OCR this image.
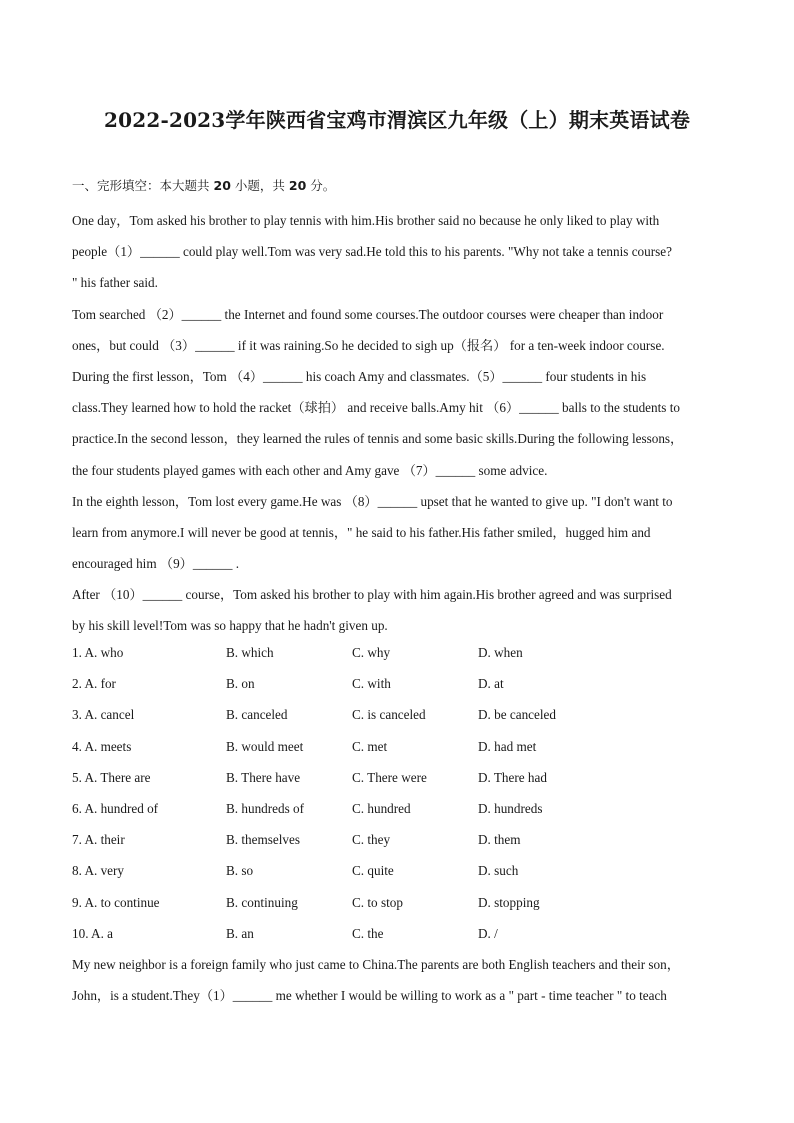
2022-2023学年陕西省宝鸡市渭滨区九年级（上）期末英语试卷
一、完形填空：本大题共 20 小题，共 20 分。
One day，Tom asked his brother to play tennis with him.His brother said no because he only liked to play with
people（1）______ could play well.Tom was very sad.He told this to his parents. "Why not take a tennis course?
" his father said.
Tom searched （2）______ the Internet and found some courses.The outdoor courses were cheaper than indoor
ones，but could （3）______ if it was raining.So he decided to sigh up（报名） for a ten-week indoor course.
During the first lesson，Tom （4）______ his coach Amy and classmates.（5）______ four students in his
class.They learned how to hold the racket（球拍） and receive balls.Amy hit （6）______ balls to the students to
practice.In the second lesson，they learned the rules of tennis and some basic skills.During the following lessons，
the four students played games with each other and Amy gave （7）______ some advice.
In the eighth lesson，Tom lost every game.He was （8）______ upset that he wanted to give up. "I don't want to
learn from anymore.I will never be good at tennis，" he said to his father.His father smiled，hugged him and
encouraged him （9）______ .
After （10）______ course，Tom asked his brother to play with him again.His brother agreed and was surprised
by his skill level!Tom was so happy that he hadn't given up.
1. A. who	B. which	C. why	D. when
2. A. for	B. on	C. with	D. at
3. A. cancel	B. canceled	C. is canceled	D. be canceled
4. A. meets	B. would meet	C. met	D. had met
5. A. There are	B. There have	C. There were	D. There had
6. A. hundred of	B. hundreds of	C. hundred	D. hundreds
7. A. their	B. themselves	C. they	D. them
8. A. very	B. so	C. quite	D. such
9. A. to continue	B. continuing	C. to stop	D. stopping
10. A. a	B. an	C. the	D. /
My new neighbor is a foreign family who just came to China.The parents are both English teachers and their son，
John，is a student.They（1）______ me whether I would be willing to work as a " part - time teacher " to teach
